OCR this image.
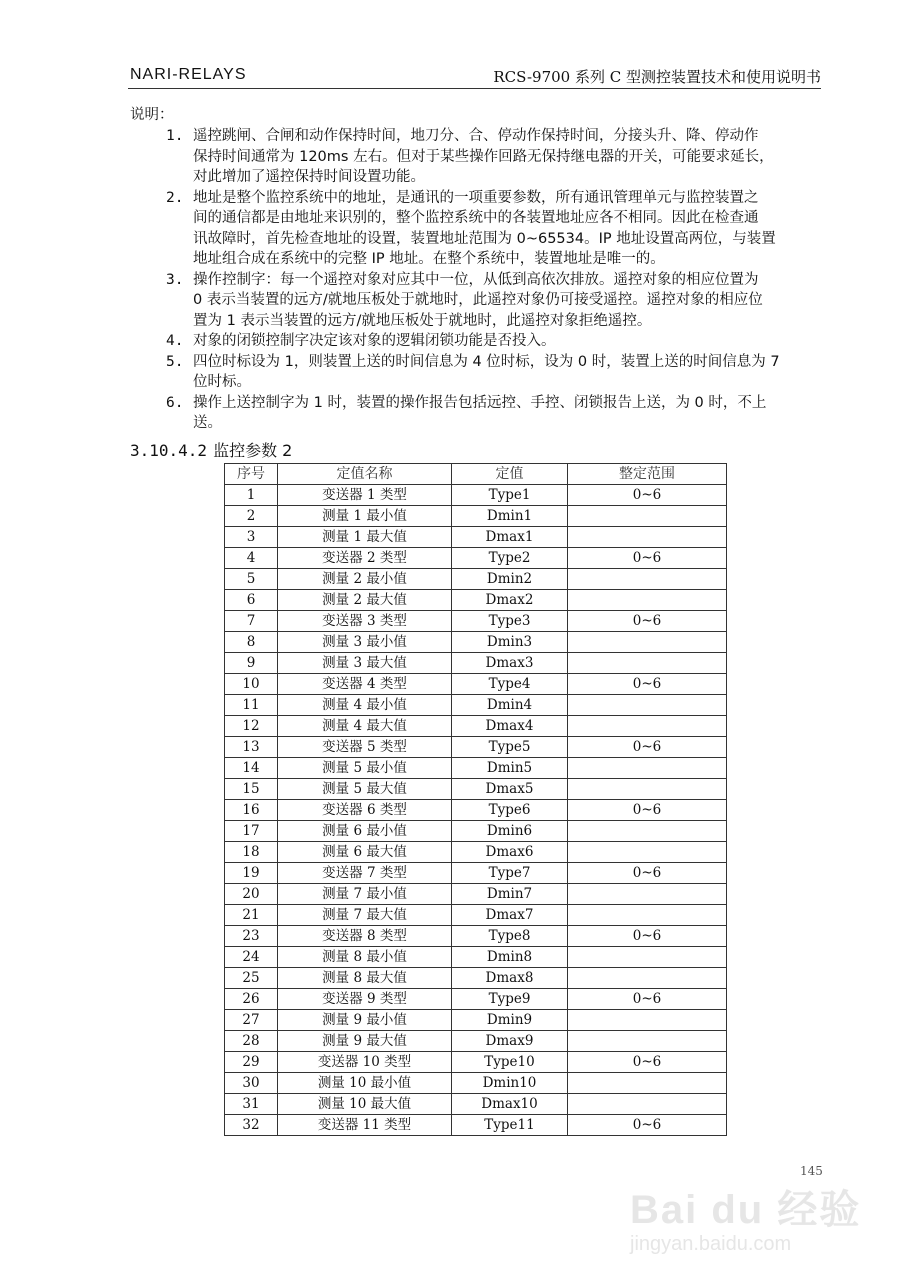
NARI-RELAYS	RCS-9700 系列 C 型测控装置技术和使用说明书
说明：
1. 遥控跳闸、合闸和动作保持时间，地刀分、合、停动作保持时间，分接头升、降、停动作
保持时间通常为 120ms 左右。但对于某些操作回路无保持继电器的开关，可能要求延长，
对此增加了遥控保持时间设置功能。
2. 地址是整个监控系统中的地址，是通讯的一项重要参数，所有通讯管理单元与监控装置之
间的通信都是由地址来识别的，整个监控系统中的各装置地址应各不相同。因此在检查通
讯故障时，首先检查地址的设置，装置地址范围为 0~65534。IP 地址设置高两位，与装置
地址组合成在系统中的完整 IP 地址。在整个系统中，装置地址是唯一的。
3. 操作控制字：每一个遥控对象对应其中一位，从低到高依次排放。遥控对象的相应位置为
0 表示当装置的远方/就地压板处于就地时，此遥控对象仍可接受遥控。遥控对象的相应位
置为 1 表示当装置的远方/就地压板处于就地时，此遥控对象拒绝遥控。
4. 对象的闭锁控制字决定该对象的逻辑闭锁功能是否投入。
5. 四位时标设为 1，则装置上送的时间信息为 4 位时标，设为 0 时，装置上送的时间信息为 7
位时标。
6. 操作上送控制字为 1 时，装置的操作报告包括远控、手控、闭锁报告上送，为 0 时，不上
送。
3.10.4.2 监控参数 2
序号	定值名称	定值	整定范围
1	变送器 1 类型	Type1	0~6
2	测量 1 最小值	Dmin1	
3	测量 1 最大值	Dmax1	
4	变送器 2 类型	Type2	0~6
5	测量 2 最小值	Dmin2	
6	测量 2 最大值	Dmax2	
7	变送器 3 类型	Type3	0~6
8	测量 3 最小值	Dmin3	
9	测量 3 最大值	Dmax3	
10	变送器 4 类型	Type4	0~6
11	测量 4 最小值	Dmin4	
12	测量 4 最大值	Dmax4	
13	变送器 5 类型	Type5	0~6
14	测量 5 最小值	Dmin5	
15	测量 5 最大值	Dmax5	
16	变送器 6 类型	Type6	0~6
17	测量 6 最小值	Dmin6	
18	测量 6 最大值	Dmax6	
19	变送器 7 类型	Type7	0~6
20	测量 7 最小值	Dmin7	
21	测量 7 最大值	Dmax7	
23	变送器 8 类型	Type8	0~6
24	测量 8 最小值	Dmin8	
25	测量 8 最大值	Dmax8	
26	变送器 9 类型	Type9	0~6
27	测量 9 最小值	Dmin9	
28	测量 9 最大值	Dmax9	
29	变送器 10 类型	Type10	0~6
30	测量 10 最小值	Dmin10	
31	测量 10 最大值	Dmax10	
32	变送器 11 类型	Type11	0~6
145
Bai du 经验
jingyan.baidu.com
